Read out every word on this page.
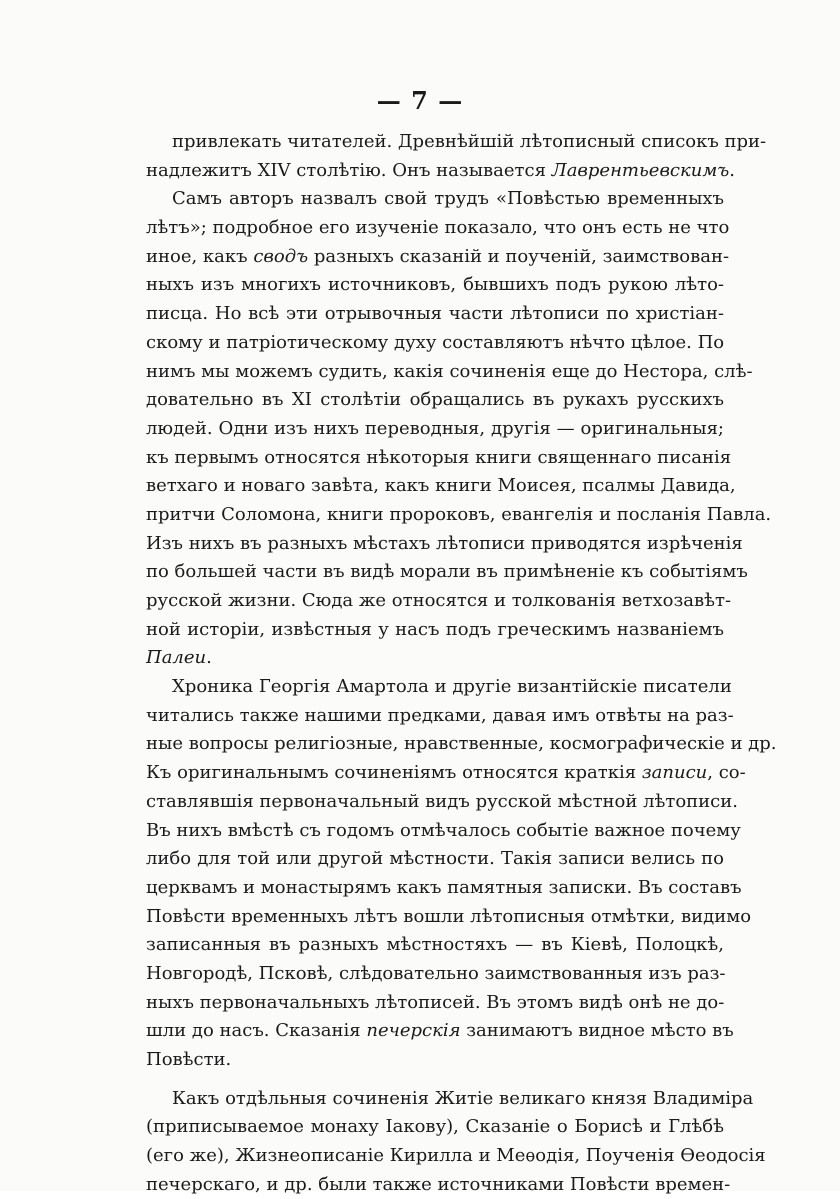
— 7 —
привлекать читателей. Древнѣйшій лѣтописный списокъ при-
надлежитъ XIV столѣтію. Онъ называется Лаврентьевскимъ.
Самъ авторъ назвалъ свой трудъ «Повѣстью временныхъ
лѣтъ»; подробное его изученіе показало, что онъ есть не что
иное, какъ сводъ разныхъ сказаній и поученій, заимствован-
ныхъ изъ многихъ источниковъ, бывшихъ подъ рукою лѣто-
писца. Но всѣ эти отрывочныя части лѣтописи по христіан-
скому и патріотическому духу составляютъ нѣчто цѣлое. По
нимъ мы можемъ судить, какія сочиненія еще до Нестора, слѣ-
довательно въ XI столѣтіи обращались въ рукахъ русскихъ
людей. Одни изъ нихъ переводныя, другія — оригинальныя;
къ первымъ относятся нѣкоторыя книги священнаго писанія
ветхаго и новаго завѣта, какъ книги Моисея, псалмы Давида,
притчи Соломона, книги пророковъ, евангелія и посланія Павла.
Изъ нихъ въ разныхъ мѣстахъ лѣтописи приводятся изрѣченія
по большей части въ видѣ морали въ примѣненіе къ событіямъ
русской жизни. Сюда же относятся и толкованія ветхозавѣт-
ной исторіи, извѣстныя у насъ подъ греческимъ названіемъ
Палеи.
Хроника Георгія Амартола и другіе византійскіе писатели
читались также нашими предками, давая имъ отвѣты на раз-
ные вопросы религіозные, нравственные, космографическіе и др.
Къ оригинальнымъ сочиненіямъ относятся краткія записи, со-
ставлявшія первоначальный видъ русской мѣстной лѣтописи.
Въ нихъ вмѣстѣ съ годомъ отмѣчалось событіе важное почему
либо для той или другой мѣстности. Такія записи велись по
церквамъ и монастырямъ какъ памятныя записки. Въ составъ
Повѣсти временныхъ лѣтъ вошли лѣтописныя отмѣтки, видимо
записанныя въ разныхъ мѣстностяхъ — въ Кіевѣ, Полоцкѣ,
Новгородѣ, Псковѣ, слѣдовательно заимствованныя изъ раз-
ныхъ первоначальныхъ лѣтописей. Въ этомъ видѣ онѣ не до-
шли до насъ. Сказанія печерскія занимаютъ видное мѣсто въ
Повѣсти.
Какъ отдѣльныя сочиненія Житіе великаго князя Владиміра
(приписываемое монаху Іакову), Сказаніе о Борисѣ и Глѣбѣ
(его же), Жизнеописаніе Кирилла и Меѳодія, Поученія Ѳеодосія
печерскаго, и др. были также источниками Повѣсти времен-
